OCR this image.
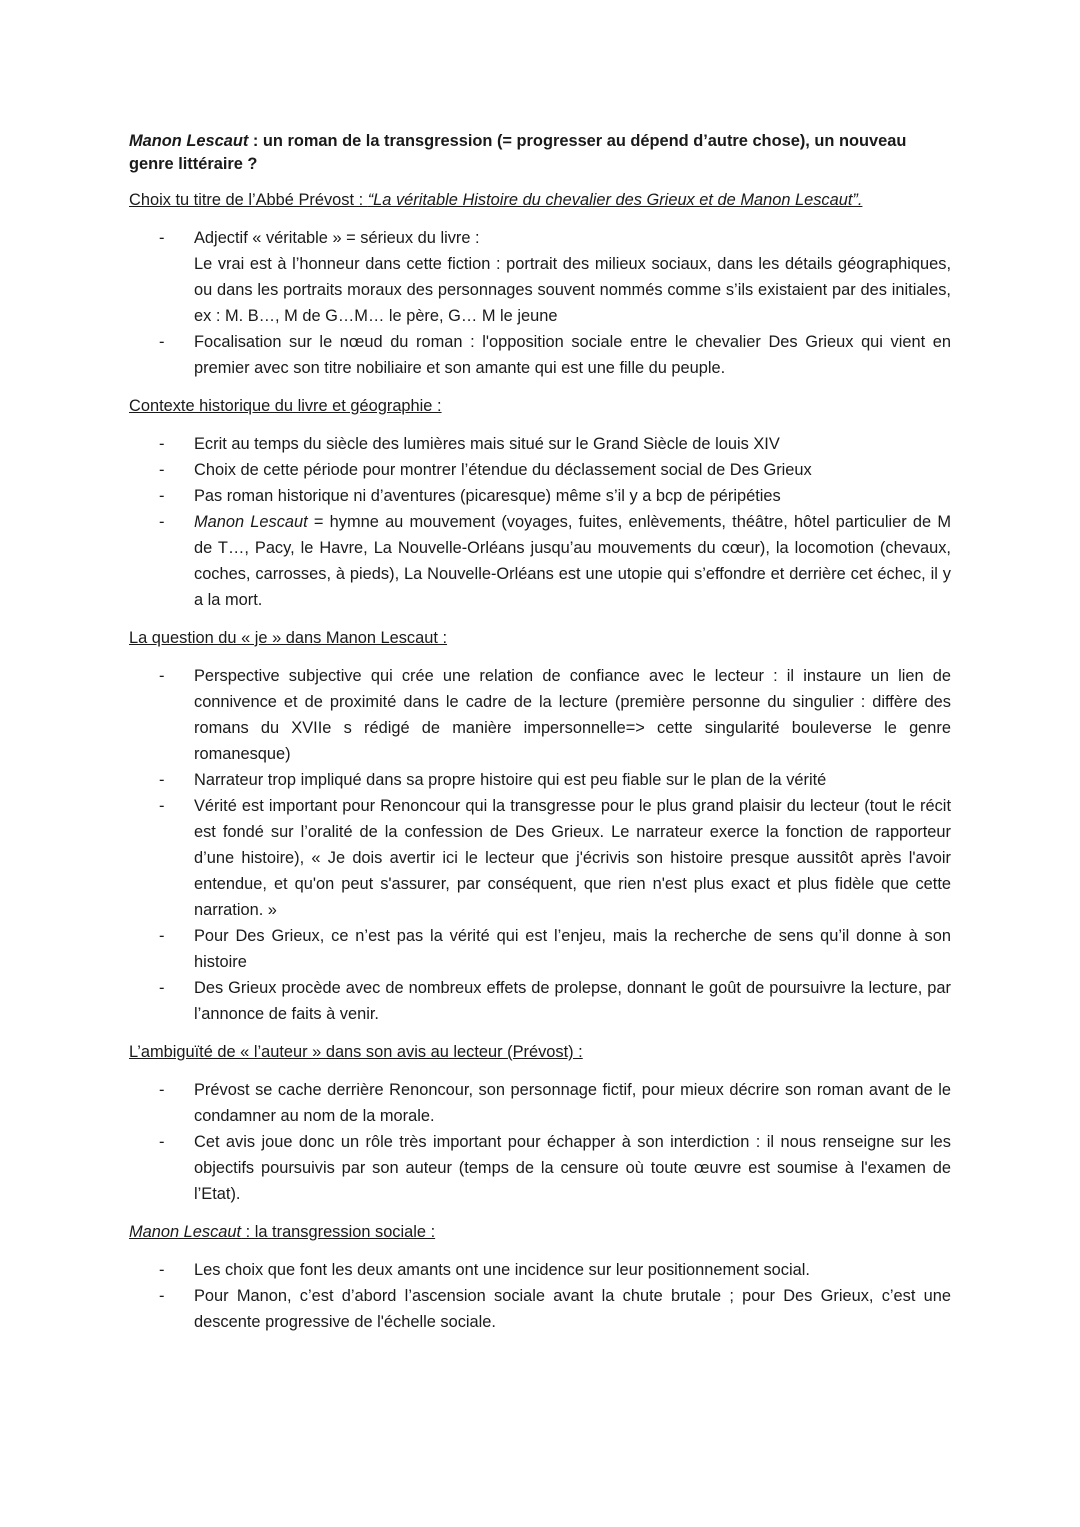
Manon Lescaut : un roman de la transgression (= progresser au dépend d’autre chose), un nouveau genre littéraire ?

Choix tu titre de l’Abbé Prévost : “La véritable Histoire du chevalier des Grieux et de Manon Lescaut”.

- Adjectif « véritable » = sérieux du livre :
Le vrai est à l’honneur dans cette fiction : portrait des milieux sociaux, dans les détails géographiques, ou dans les portraits moraux des personnages souvent nommés comme s’ils existaient par des initiales, ex : M. B…, M de G…M… le père, G… M le jeune
- Focalisation sur le nœud du roman : l'opposition sociale entre le chevalier Des Grieux qui vient en premier avec son titre nobiliaire et son amante qui est une fille du peuple.

Contexte historique du livre et géographie :

- Ecrit au temps du siècle des lumières mais situé sur le Grand Siècle de louis XIV
- Choix de cette période pour montrer l’étendue du déclassement social de Des Grieux
- Pas roman historique ni d’aventures (picaresque) même s’il y a bcp de péripéties
- Manon Lescaut = hymne au mouvement (voyages, fuites, enlèvements, théâtre, hôtel particulier de M de T…, Pacy, le Havre, La Nouvelle-Orléans jusqu’au mouvements du cœur), la locomotion (chevaux, coches, carrosses, à pieds), La Nouvelle-Orléans est une utopie qui s’effondre et derrière cet échec, il y a la mort.

La question du « je » dans Manon Lescaut :

- Perspective subjective qui crée une relation de confiance avec le lecteur : il instaure un lien de connivence et de proximité dans le cadre de la lecture (première personne du singulier : diffère des romans du XVIIe s rédigé de manière impersonnelle=> cette singularité bouleverse le genre romanesque)
- Narrateur trop impliqué dans sa propre histoire qui est peu fiable sur le plan de la vérité
- Vérité est important pour Renoncour qui la transgresse pour le plus grand plaisir du lecteur (tout le récit est fondé sur l’oralité de la confession de Des Grieux. Le narrateur exerce la fonction de rapporteur d’une histoire), « Je dois avertir ici le lecteur que j'écrivis son histoire presque aussitôt après l'avoir entendue, et qu'on peut s'assurer, par conséquent, que rien n'est plus exact et plus fidèle que cette narration. »
- Pour Des Grieux, ce n’est pas la vérité qui est l’enjeu, mais la recherche de sens qu’il donne à son histoire
- Des Grieux procède avec de nombreux effets de prolepse, donnant le goût de poursuivre la lecture, par l’annonce de faits à venir.

L’ambiguïté de « l’auteur » dans son avis au lecteur (Prévost) :

- Prévost se cache derrière Renoncour, son personnage fictif, pour mieux décrire son roman avant de le condamner au nom de la morale.
- Cet avis joue donc un rôle très important pour échapper à son interdiction : il nous renseigne sur les objectifs poursuivis par son auteur (temps de la censure où toute œuvre est soumise à l'examen de l’Etat).

Manon Lescaut : la transgression sociale :

- Les choix que font les deux amants ont une incidence sur leur positionnement social.
- Pour Manon, c’est d’abord l’ascension sociale avant la chute brutale ; pour Des Grieux, c’est une descente progressive de l'échelle sociale.
